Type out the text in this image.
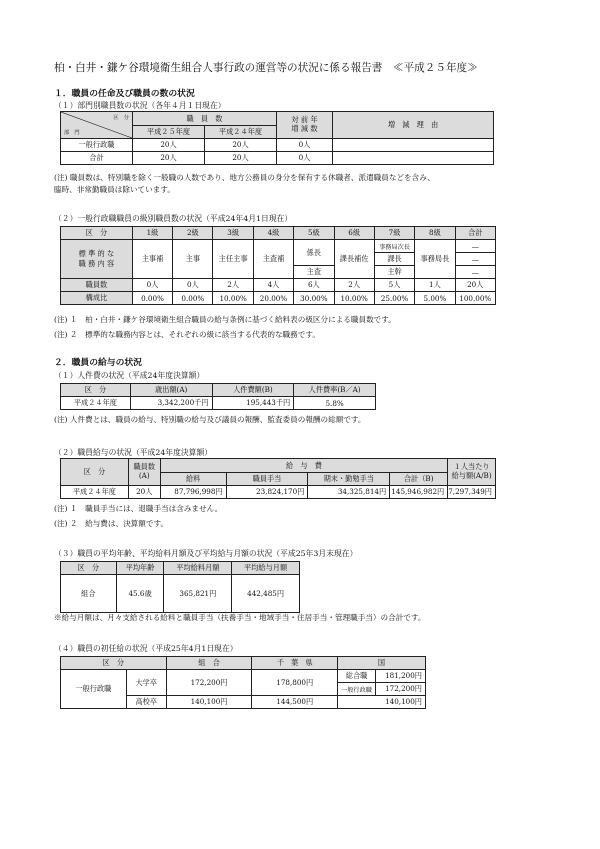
柏・白井・鎌ケ谷環境衛生組合人事行政の運営等の状況に係る報告書　≪平成２５年度≫
１．職員の任命及び職員の数の状況
（１）部門別職員数の状況（各年４月１日現在）
区　分
部　門	職　員　数		対 前 年
増 減 数	増　減　理　由
	平成２５年度	平成２４年度		
一般行政職	20人	20人	0人	
合計	20人	20人	0人	
(注) 職員数は、特別職を除く一般職の人数であり、地方公務員の身分を保有する休職者、派遣職員などを含み、
臨時、非常勤職員は除いています。
（２）一般行政職職員の級別職員数の状況（平成24年4月1日現在）
区　分	1級	2級	3級	4級	5級	6級	7級	8級	合計
標 準 的 な
職 務 内 容	主事補	主事	主任主事	主査補	係長	課長補佐	事務局次長	事務局長	—
							課長		—
					主査		主幹		—
職員数	0人	0人	2人	4人	6人	2人	5人	1人	20人
構成比	0.00%	0.00%	10.00%	20.00%	30.00%	10.00%	25.00%	5.00%	100.00%
(注) １　柏・白井・鎌ケ谷環境衛生組合職員の給与条例に基づく給料表の級区分による職員数です。
(注) ２　標準的な職務内容とは、それぞれの級に該当する代表的な職務です。
２．職員の給与の状況
（１）人件費の状況（平成24年度決算額）
区　分	歳出額(A)	人件費額(B)	人件費率(B／A)
平成２４年度	3,342,200千円	195,443千円	5.8%
(注) 人件費とは、職員の給与、特別職の給与及び議員の報酬、監査委員の報酬の総額です。
（２）職員給与の状況（平成24年度決算額）
区　分	職員数
(A)	給　与　費				１人当たり
給与額(A/B)
		給料	職員手当	期末・勤勉手当	合計（B)	
平成２４年度	20人	87,796,998円	23,824,170円	34,325,814円	145,946,982円	7,297,349円
(注) １　職員手当には、退職手当は含みません。
(注) ２　給与費は、決算額です。
（３）職員の平均年齢、平均給料月額及び平均給与月額の状況（平成25年3月末現在）
区　分	平均年齢	平均給料月額	平均給与月額
組合	45.6歳	365,821円	442,485円
※給与月額は、月々支給される給料と職員手当（扶養手当・地域手当・住居手当・管理職手当）の合計です。
（４）職員の初任給の状況（平成25年4月1日現在）
区　分		組　合	千　葉　県	国	
一般行政職	大学卒	172,200円	178,800円	総合職	181,200円
				一般行政職	172,200円
	高校卒	140,100円	144,500円	140,100円	
